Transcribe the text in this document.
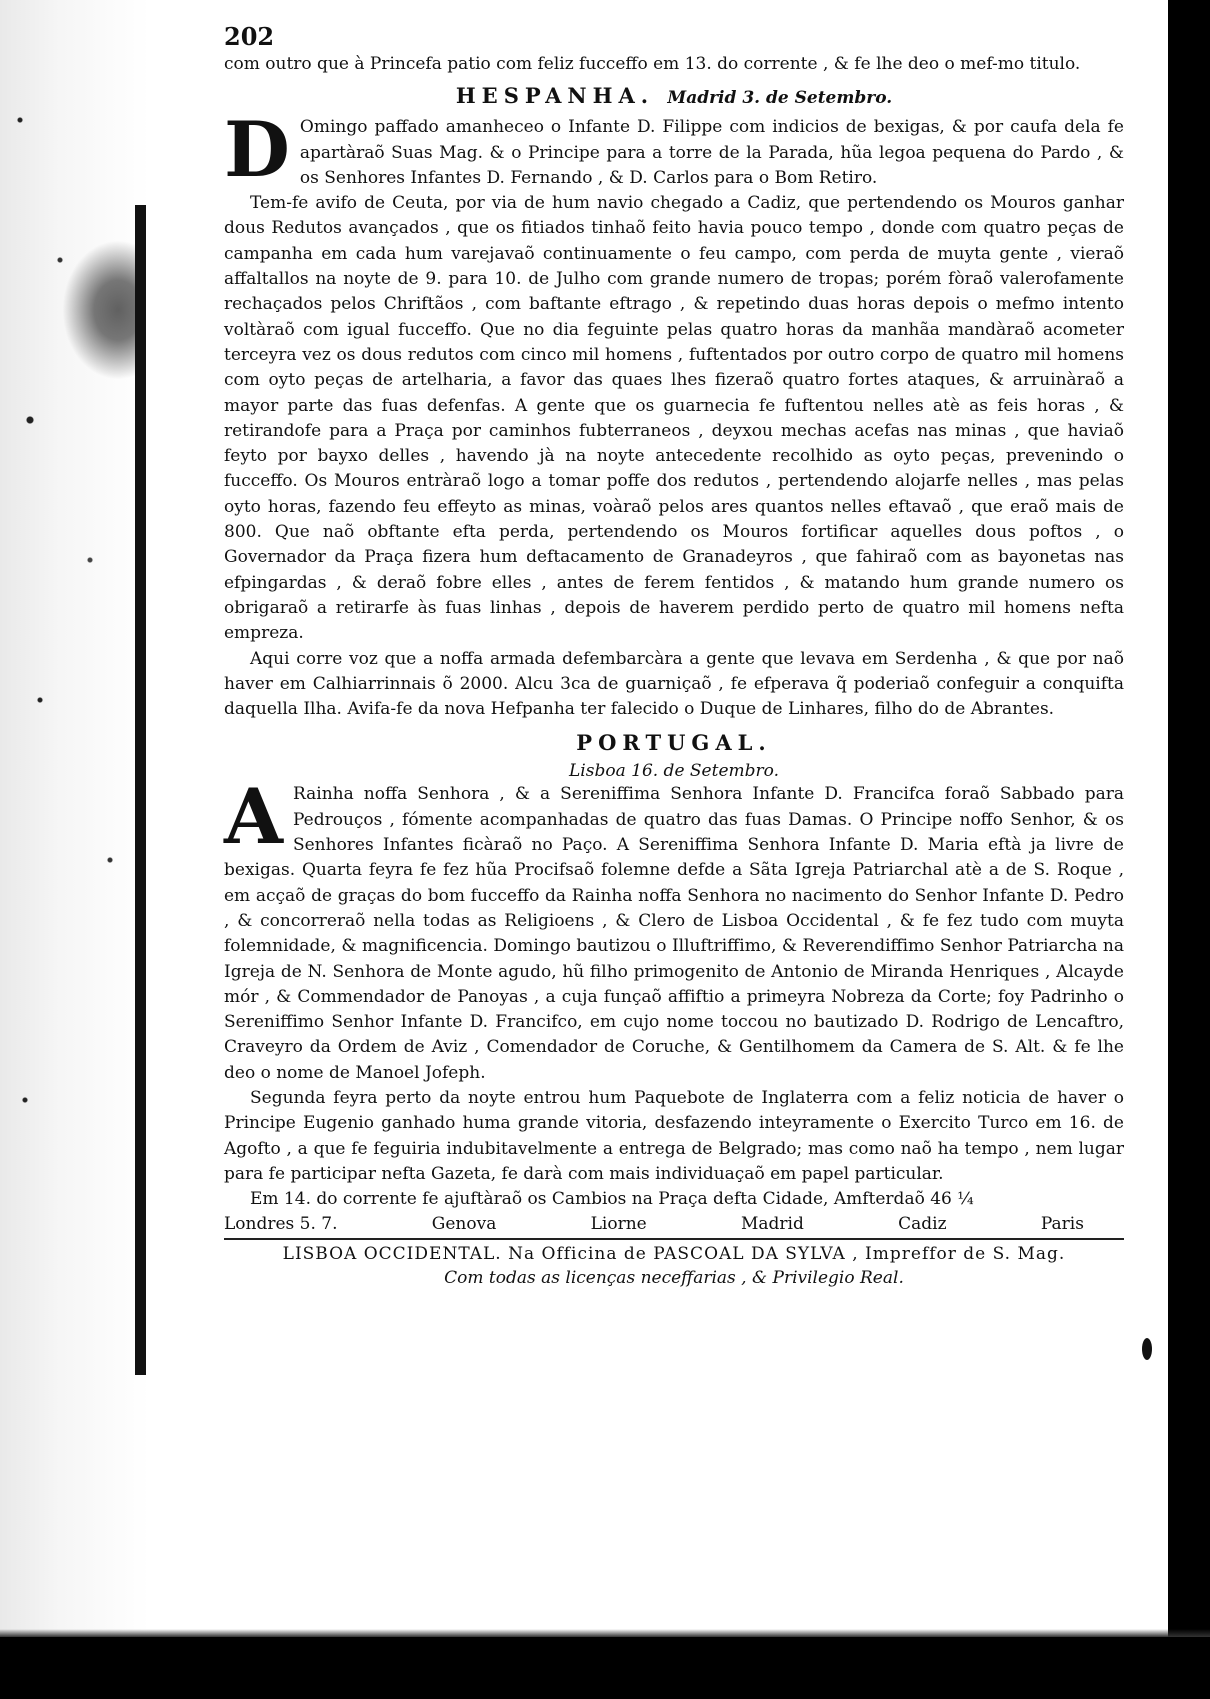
202

com outro que à Princefa patio com feliz fucceffo em 13. do corrente , & fe lhe deo o mef-mo titulo.

HESPANHA. Madrid 3. de Setembro.
D Omingo paffado amanheceo o Infante D. Filippe com indicios de bexigas, & por caufa dela fe apartàraõ Suas Mag. & o Principe para a torre de la Parada, hũa legoa pequena do Pardo , & os Senhores Infantes D. Fernando , & D. Carlos para o Bom Retiro.

Tem-fe avifo de Ceuta, por via de hum navio chegado a Cadiz, que pertendendo os Mouros ganhar dous Redutos avançados , que os fitiados tinhaõ feito havia pouco tempo , donde com quatro peças de campanha em cada hum varejavaõ continuamente o feu campo, com perda de muyta gente , vieraõ affaltallos na noyte de 9. para 10. de Julho com grande numero de tropas; porém fòraõ valerofamente rechaçados pelos Chriftãos , com baftante eftrago , & repetindo duas horas depois o mefmo intento voltàraõ com igual fucceffo. Que no dia feguinte pelas quatro horas da manhãa mandàraõ acometer terceyra vez os dous redutos com cinco mil homens , fuftentados por outro corpo de quatro mil homens com oyto peças de artelharia, a favor das quaes lhes fizeraõ quatro fortes ataques, & arruinàraõ a mayor parte das fuas defenfas. A gente que os guarnecia fe fuftentou nelles atè as feis horas , & retirandofe para a Praça por caminhos fubterraneos , deyxou mechas acefas nas minas , que haviaõ feyto por bayxo delles , havendo jà na noyte antecedente recolhido as oyto peças, prevenindo o fucceffo. Os Mouros entràraõ logo a tomar poffe dos redutos , pertendendo alojarfe nelles , mas pelas oyto horas, fazendo feu effeyto as minas, voàraõ pelos ares quantos nelles eftavaõ , que eraõ mais de 800. Que naõ obftante efta perda, pertendendo os Mouros fortificar aquelles dous poftos , o Governador da Praça fizera hum deftacamento de Granadeyros , que fahiraõ com as bayonetas nas efpingardas , & deraõ fobre elles , antes de ferem fentidos , & matando hum grande numero os obrigaraõ a retirarfe às fuas linhas , depois de haverem perdido perto de quatro mil homens nefta empreza.

Aqui corre voz que a noffa armada defembarcàra a gente que levava em Serdenha , & que por naõ haver em Calhiarrinnais õ 2000. Alcu 3ca de guarniçaõ , fe efperava q̃ poderiaõ confeguir a conquifta daquella Ilha. Avifa-fe da nova Hefpanha ter falecido o Duque de Linhares, filho do de Abrantes.

PORTUGAL.
Lisboa 16. de Setembro.
A Rainha noffa Senhora , & a Sereniffima Senhora Infante D. Francifca foraõ Sabbado para Pedrouços , fómente acompanhadas de quatro das fuas Damas. O Principe noffo Senhor, & os Senhores Infantes ficàraõ no Paço. A Sereniffima Senhora Infante D. Maria eftà ja livre de bexigas. Quarta feyra fe fez hũa Procifsaõ folemne defde a Sãta Igreja Patriarchal atè a de S. Roque , em acçaõ de graças do bom fucceffo da Rainha noffa Senhora no nacimento do Senhor Infante D. Pedro , & concorreraõ nella todas as Religioens , & Clero de Lisboa Occidental , & fe fez tudo com muyta folemnidade, & magnificencia. Domingo bautizou o Illuftriffimo, & Reverendiffimo Senhor Patriarcha na Igreja de N. Senhora de Monte agudo, hũ filho primogenito de Antonio de Miranda Henriques , Alcayde mór , & Commendador de Panoyas , a cuja funçaõ affiftio a primeyra Nobreza da Corte; foy Padrinho o Sereniffimo Senhor Infante D. Francifco, em cujo nome toccou no bautizado D. Rodrigo de Lencaftro, Craveyro da Ordem de Aviz , Comendador de Coruche, & Gentilhomem da Camera de S. Alt. & fe lhe deo o nome de Manoel Jofeph.

Segunda feyra perto da noyte entrou hum Paquebote de Inglaterra com a feliz noticia de haver o Principe Eugenio ganhado huma grande vitoria, desfazendo inteyramente o Exercito Turco em 16. de Agofto , a que fe feguiria indubitavelmente a entrega de Belgrado; mas como naõ ha tempo , nem lugar para fe participar nefta Gazeta, fe darà com mais individuaçaõ em papel particular.

Em 14. do corrente fe ajuftàraõ os Cambios na Praça defta Cidade, Amfterdaõ 46 ¼

Londres 5. 7.	Genova	Liorne	Madrid	Cadiz	Paris
LISBOA OCCIDENTAL. Na Officina de PASCOAL DA SYLVA , Impreffor de S. Mag.
Com todas as licenças neceffarias , & Privilegio Real.
